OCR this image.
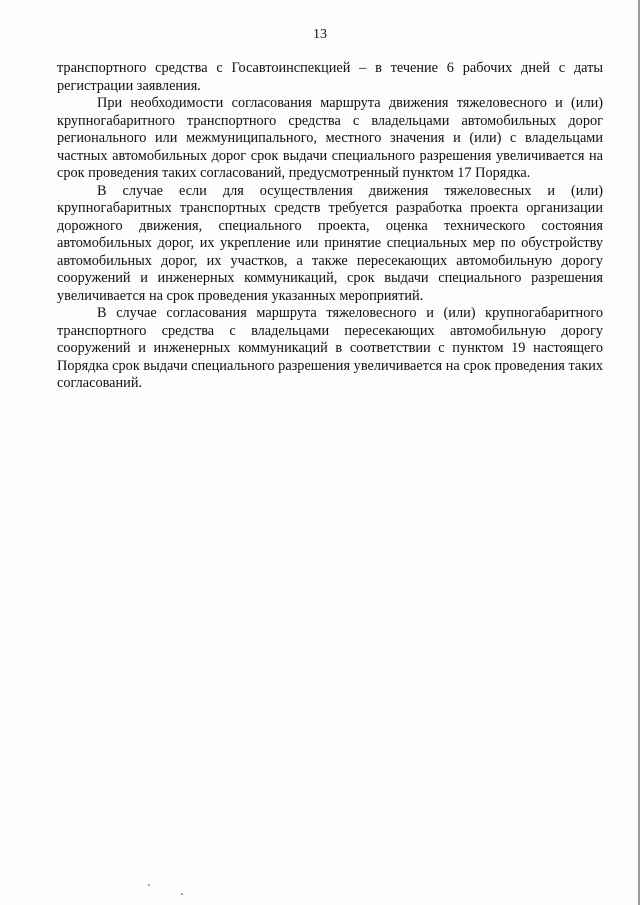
13

транспортного средства с Госавтоинспекцией – в течение 6 рабочих дней с даты регистрации заявления.

При необходимости согласования маршрута движения тяжеловесного и (или) крупногабаритного транспортного средства с владельцами автомобильных дорог регионального или межмуниципального, местного значения и (или) с владельцами частных автомобильных дорог срок выдачи специального разрешения увеличивается на срок проведения таких согласований, предусмотренный пунктом 17 Порядка.

В случае если для осуществления движения тяжеловесных и (или) крупногабаритных транспортных средств требуется разработка проекта организации дорожного движения, специального проекта, оценка технического состояния автомобильных дорог, их укрепление или принятие специальных мер по обустройству автомобильных дорог, их участков, а также пересекающих автомобильную дорогу сооружений и инженерных коммуникаций, срок выдачи специального разрешения увеличивается на срок проведения указанных мероприятий.

В случае согласования маршрута тяжеловесного и (или) крупногабаритного транспортного средства с владельцами пересекающих автомобильную дорогу сооружений и инженерных коммуникаций в соответствии с пунктом 19 настоящего Порядка срок выдачи специального разрешения увеличивается на срок проведения таких согласований.
